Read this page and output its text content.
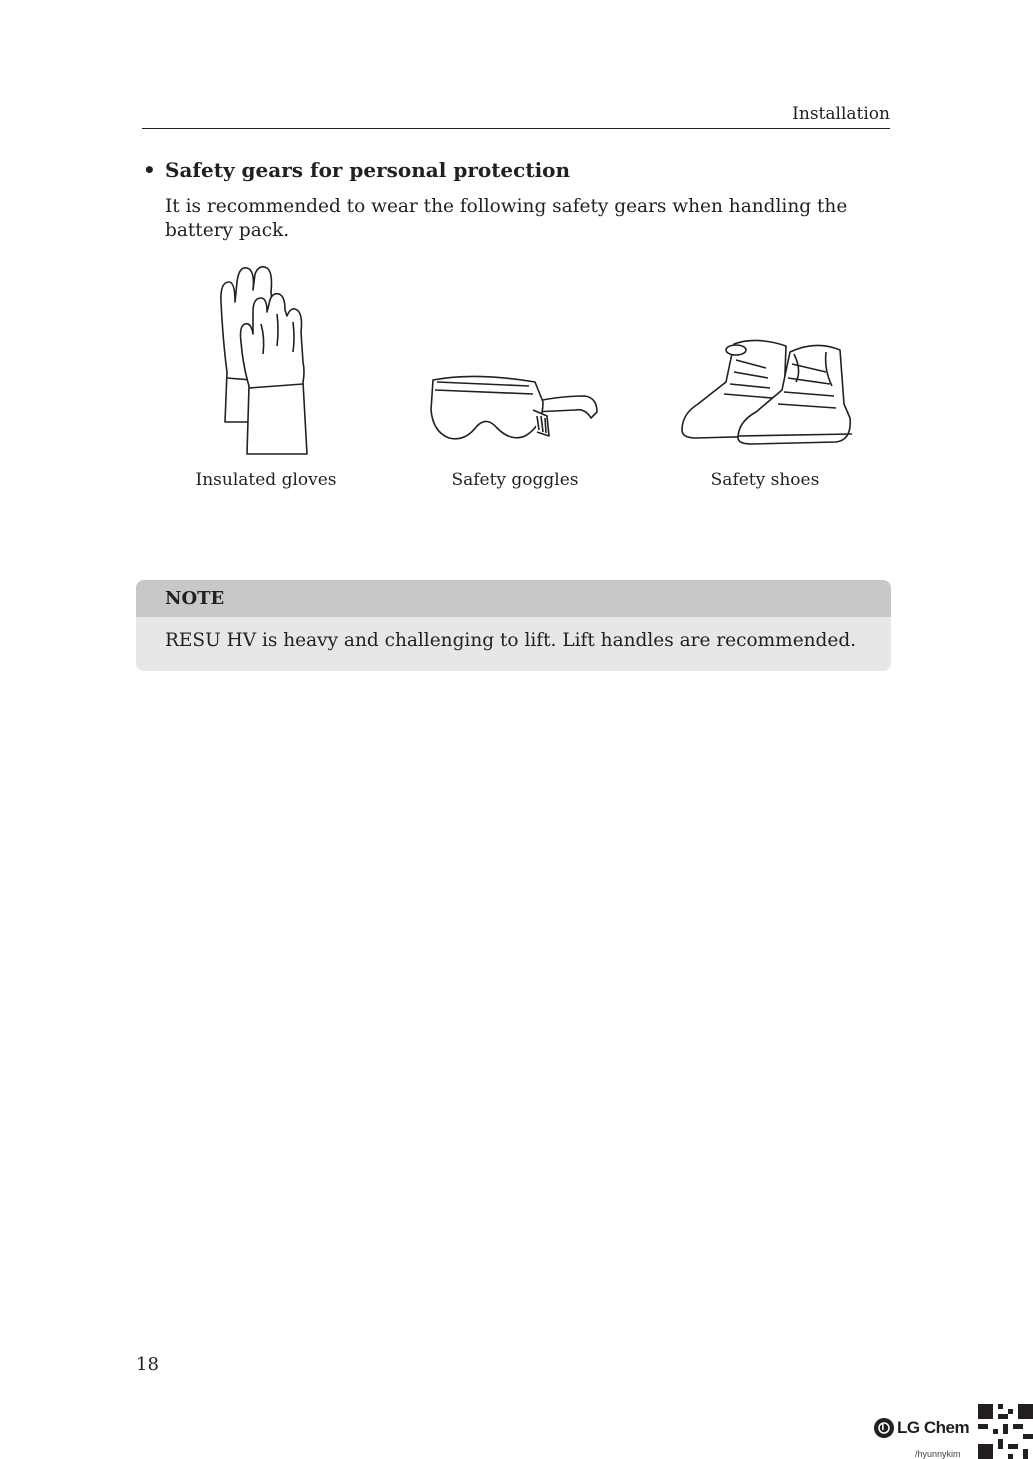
Installation
• Safety gears for personal protection
It is recommended to wear the following safety gears when handling the battery pack.
Insulated gloves	Safety goggles	Safety shoes
NOTE
RESU HV is heavy and challenging to lift. Lift handles are recommended.
18
LG Chem
/hyunnykim
